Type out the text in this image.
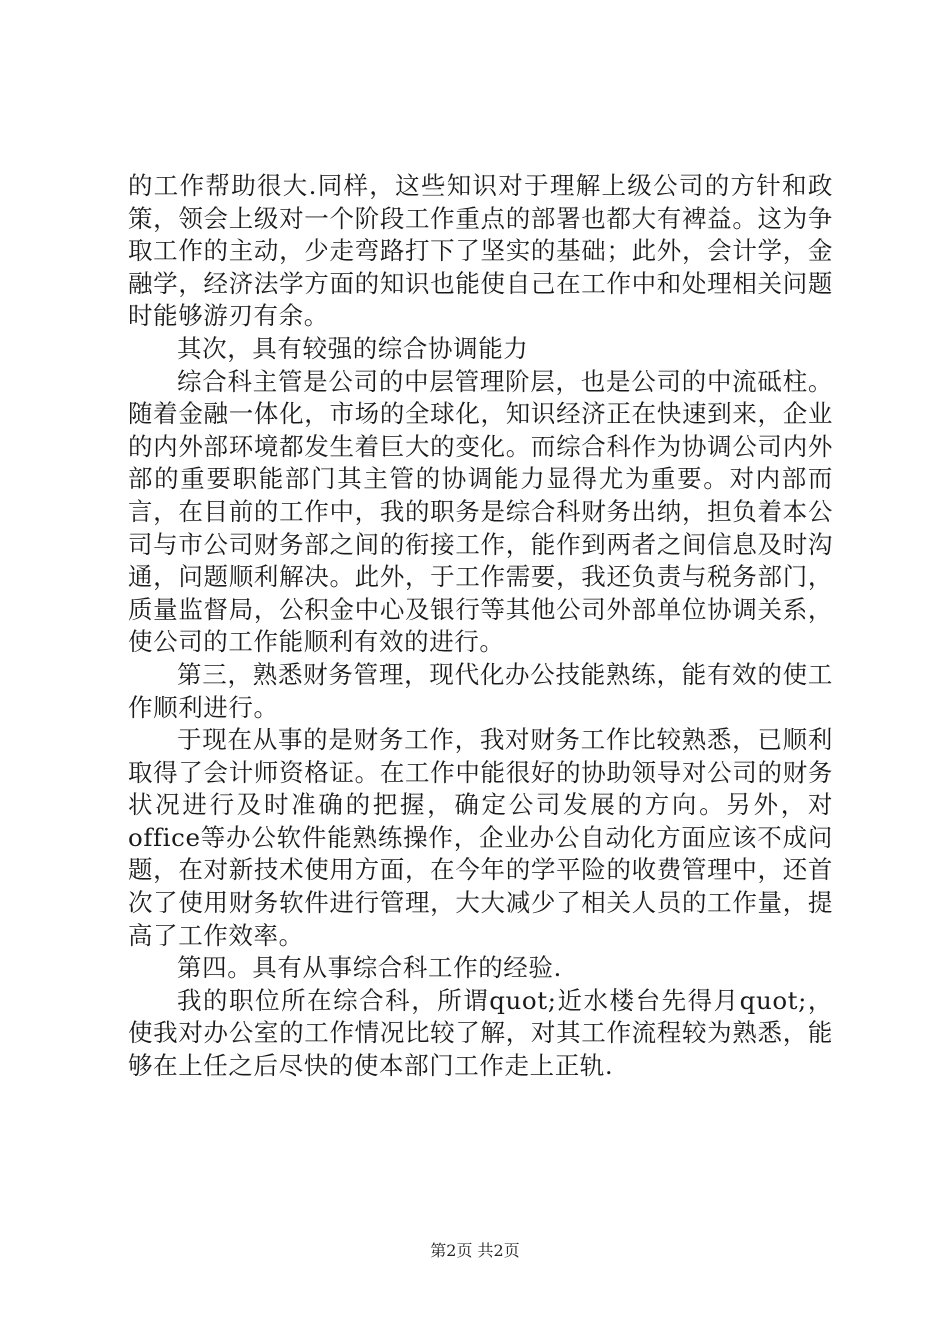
的工作帮助很大.同样，这些知识对于理解上级公司的方针和政策，领会上级对一个阶段工作重点的部署也都大有裨益。这为争取工作的主动，少走弯路打下了坚实的基础；此外，会计学，金融学，经济法学方面的知识也能使自己在工作中和处理相关问题时能够游刃有余。

其次，具有较强的综合协调能力

综合科主管是公司的中层管理阶层，也是公司的中流砥柱。随着金融一体化，市场的全球化，知识经济正在快速到来，企业的内外部环境都发生着巨大的变化。而综合科作为协调公司内外部的重要职能部门其主管的协调能力显得尤为重要。对内部而言，在目前的工作中，我的职务是综合科财务出纳，担负着本公司与市公司财务部之间的衔接工作，能作到两者之间信息及时沟通，问题顺利解决。此外，于工作需要，我还负责与税务部门，质量监督局，公积金中心及银行等其他公司外部单位协调关系，使公司的工作能顺利有效的进行。

第三，熟悉财务管理，现代化办公技能熟练，能有效的使工作顺利进行。

于现在从事的是财务工作，我对财务工作比较熟悉，已顺利取得了会计师资格证。在工作中能很好的协助领导对公司的财务状况进行及时准确的把握，确定公司发展的方向。另外，对office等办公软件能熟练操作，企业办公自动化方面应该不成问题，在对新技术使用方面，在今年的学平险的收费管理中，还首次了使用财务软件进行管理，大大减少了相关人员的工作量，提高了工作效率。

第四。具有从事综合科工作的经验.

我的职位所在综合科，所谓quot;近水楼台先得月quot;，使我对办公室的工作情况比较了解，对其工作流程较为熟悉，能够在上任之后尽快的使本部门工作走上正轨.

第2页 共2页
